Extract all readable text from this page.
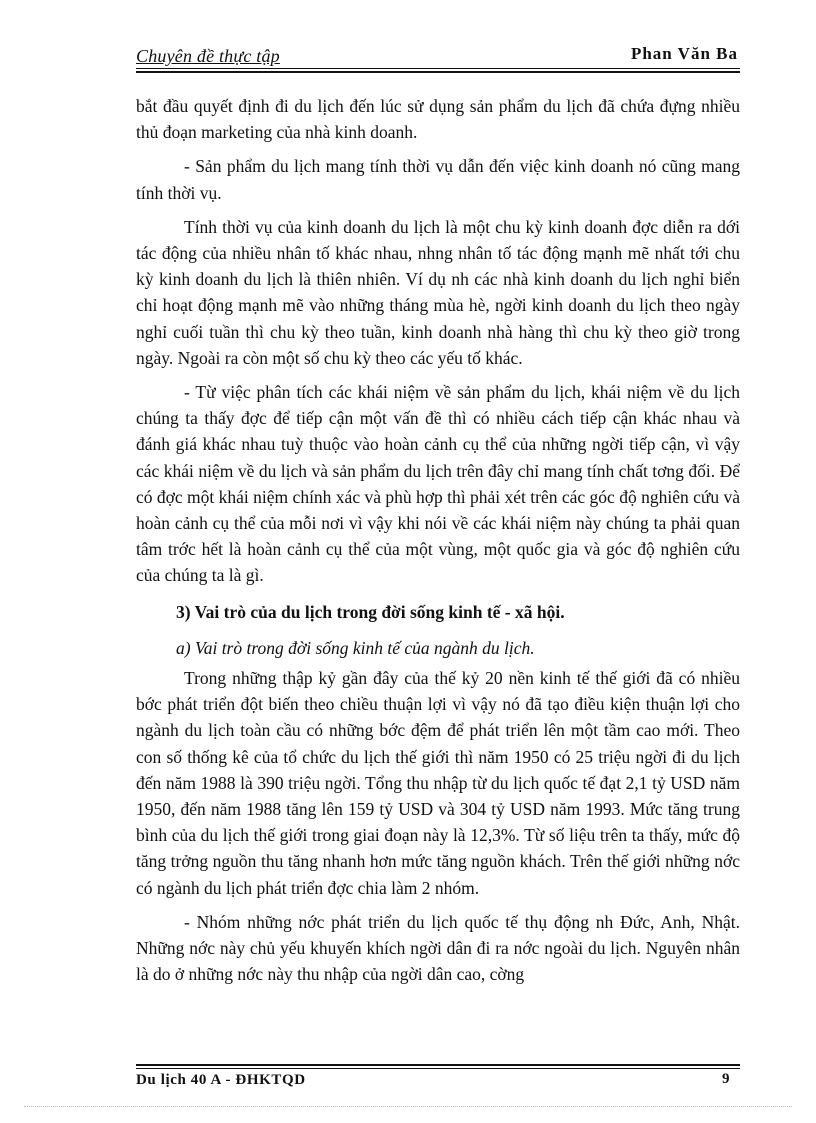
Chuyên đề thực tập	Phan Văn Ba

bắt đầu quyết định đi du lịch đến lúc sử dụng sản phẩm du lịch đã chứa đựng nhiều thủ đoạn marketing của nhà kinh doanh.

- Sản phẩm du lịch mang tính thời vụ dẫn đến việc kinh doanh nó cũng mang tính thời vụ.

Tính thời vụ của kinh doanh du lịch là một chu kỳ kinh doanh đợc diễn ra dới tác động của nhiều nhân tố khác nhau, nhng nhân tố tác động mạnh mẽ nhất tới chu kỳ kinh doanh du lịch là thiên nhiên. Ví dụ nh các nhà kinh doanh du lịch nghỉ biển chỉ hoạt động mạnh mẽ vào những tháng mùa hè, ngời kinh doanh du lịch theo ngày nghỉ cuối tuần thì chu kỳ theo tuần, kinh doanh nhà hàng thì chu kỳ theo giờ trong ngày. Ngoài ra còn một số chu kỳ theo các yếu tố khác.

- Từ việc phân tích các khái niệm về sản phẩm du lịch, khái niệm về du lịch chúng ta thấy đợc để tiếp cận một vấn đề thì có nhiều cách tiếp cận khác nhau và đánh giá khác nhau tuỳ thuộc vào hoàn cảnh cụ thể của những ngời tiếp cận, vì vậy các khái niệm về du lịch và sản phẩm du lịch trên đây chỉ mang tính chất tơng đối. Để có đợc một khái niệm chính xác và phù hợp thì phải xét trên các góc độ nghiên cứu và hoàn cảnh cụ thể của mỗi nơi vì vậy khi nói về các khái niệm này chúng ta phải quan tâm trớc hết là hoàn cảnh cụ thể của một vùng, một quốc gia và góc độ nghiên cứu của chúng ta là gì.

3) Vai trò của du lịch trong đời sống kinh tế - xã hội.

a) Vai trò trong đời sống kinh tế của ngành du lịch.

Trong những thập kỷ gần đây của thế kỷ 20 nền kinh tế thế giới đã có nhiều bớc phát triển đột biến theo chiều thuận lợi vì vậy nó đã tạo điều kiện thuận lợi cho ngành du lịch toàn cầu có những bớc đệm để phát triển lên một tầm cao mới. Theo con số thống kê của tổ chức du lịch thế giới thì năm 1950 có 25 triệu ngời đi du lịch đến năm 1988 là 390 triệu ngời. Tổng thu nhập từ du lịch quốc tế đạt 2,1 tỷ USD năm 1950, đến năm 1988 tăng lên 159 tỷ USD và 304 tỷ USD năm 1993. Mức tăng trung bình của du lịch thế giới trong giai đoạn này là 12,3%. Từ số liệu trên ta thấy, mức độ tăng trởng nguồn thu tăng nhanh hơn mức tăng nguồn khách. Trên thế giới những nớc có ngành du lịch phát triển đợc chia làm 2 nhóm.

- Nhóm những nớc phát triển du lịch quốc tế thụ động nh Đức, Anh, Nhật. Những nớc này chủ yếu khuyến khích ngời dân đi ra nớc ngoài du lịch. Nguyên nhân là do ở những nớc này thu nhập của ngời dân cao, cờng

Du lịch 40 A - ĐHKTQD	9
